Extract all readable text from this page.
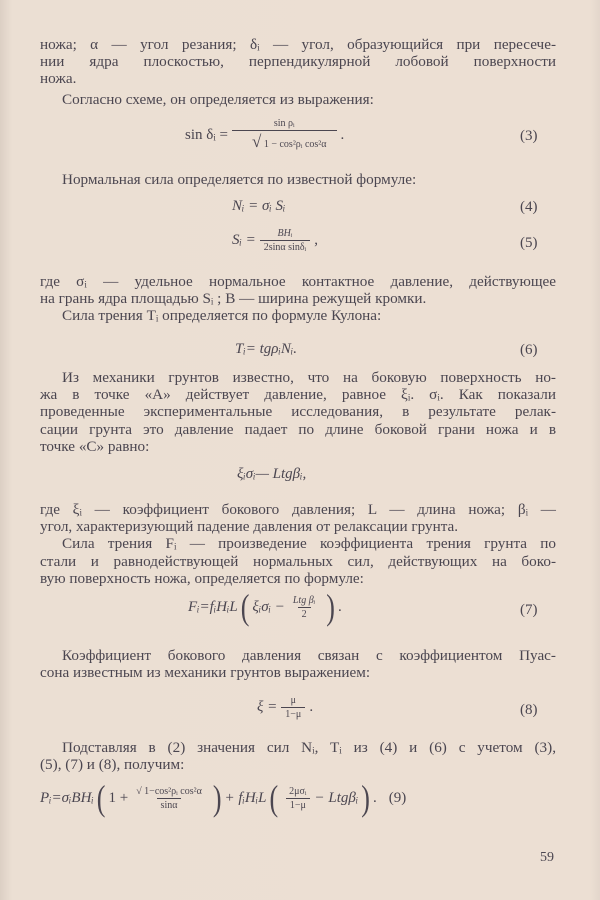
ножа; α — угол резания; δᵢ — угол, образующийся при пересече-
нии ядра плоскостью, перпендикулярной лобовой поверхности
ножа.
Согласно схеме, он определяется из выражения:
sin δᵢ = $\frac{\text{sin ρᵢ}}{\text{√ 1 − cos²ρᵢ cos²α}}$ .	(3)
Нормальная сила определяется по известной формуле:
Nᵢ = σᵢ Sᵢ	(4)
Sᵢ = $\frac{\text{BHᵢ}}{\text{2sinα sinδᵢ}}$ ,	(5)
где σᵢ — удельное нормальное контактное давление, действующее
на грань ядра площадью Sᵢ ; B — ширина режущей кромки.
Сила трения Tᵢ определяется по формуле Кулона:
Tᵢ= tgρᵢNᵢ.	(6)
Из механики грунтов известно, что на боковую поверхность но-
жа в точке «А» действует давление, равное ξᵢ. σᵢ. Как показали
проведенные экспериментальные исследования, в результате релак-
сации грунта это давление падает по длине боковой грани ножа и в
точке «С» равно:
ξᵢσᵢ— Ltgβᵢ,
где ξᵢ — коэффициент бокового давления; L — длина ножа; βᵢ —
угол, характеризующий падение давления от релаксации грунта.
Сила трения Fᵢ — произведение коэффициента трения грунта по
стали и равнодействующей нормальных сил, действующих на боко-
вую поверхность ножа, определяется по формуле:
Fᵢ=fᵢHᵢL ( ξᵢσᵢ − $\frac{\text{Ltg βᵢ}}{2}$ ) .	(7)
Коэффициент бокового давления связан с коэффициентом Пуас-
сона известным из механики грунтов выражением:
$\xi = \frac{\mu}{1-\mu}$ .	(8)
Подставляя в (2) значения сил Nᵢ, Tᵢ из (4) и (6) с учетом (3),
(5), (7) и (8), получим:
Pᵢ=σᵢBHᵢ ( $1 + \frac{\text{√ 1−cos²ρᵢ cos²α}}{\sin\alpha}$ ) + fᵢHᵢL ( $\frac{\text{2μσᵢ}}{1-\mu}$ − Ltgβᵢ ) . (9)
59
